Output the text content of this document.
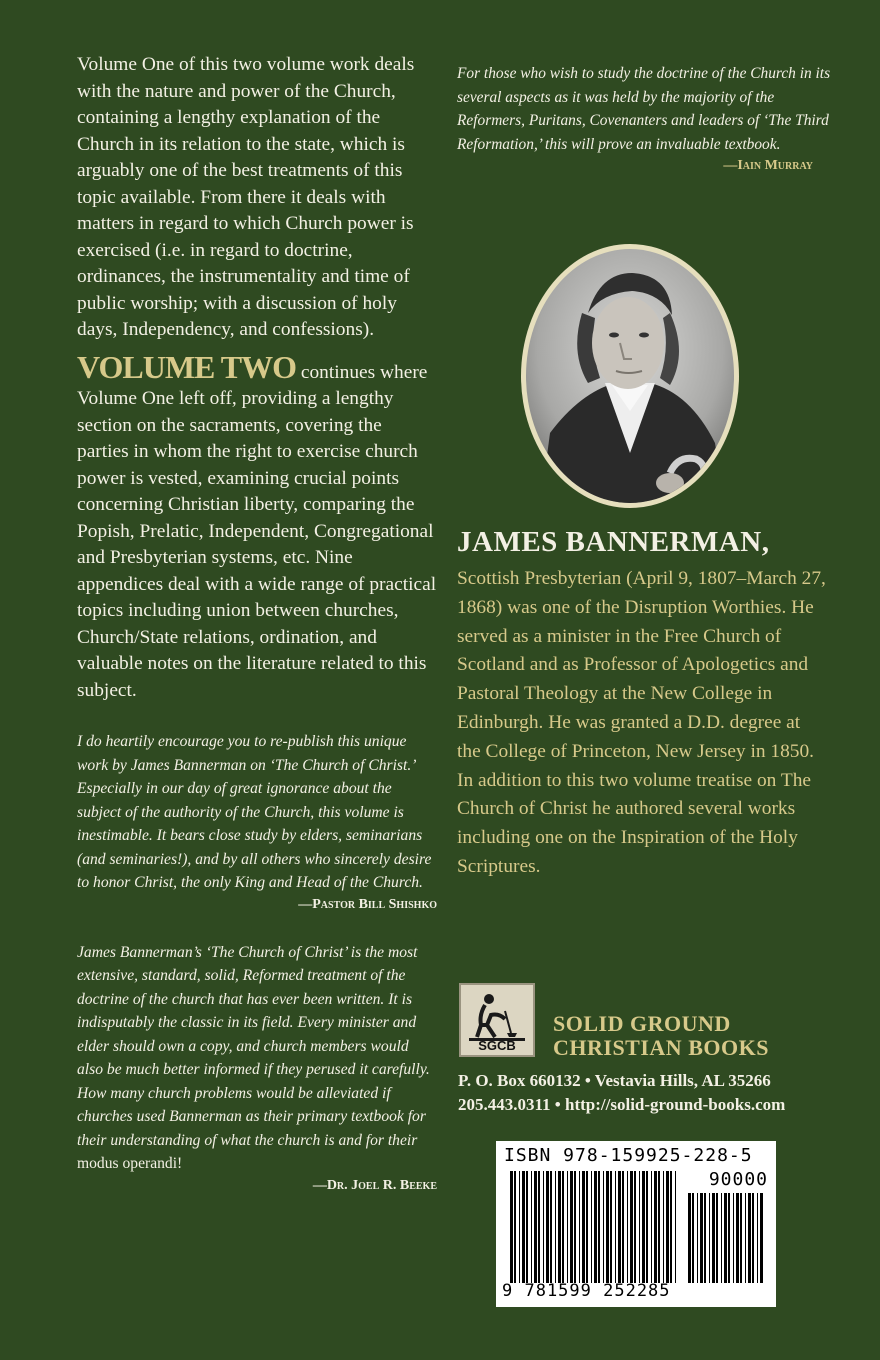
Volume One of this two volume work deals with the nature and power of the Church, containing a lengthy explanation of the Church in its relation to the state, which is arguably one of the best treatments of this topic available. From there it deals with matters in regard to which Church power is exercised (i.e. in regard to doctrine, ordinances, the instrumentality and time of public worship; with a discussion of holy days, Independency, and confessions).

VOLUME TWO continues where Volume One left off, providing a lengthy section on the sacraments, covering the parties in whom the right to exercise church power is vested, examining crucial points concerning Christian liberty, comparing the Popish, Prelatic, Independent, Congregational and Presbyterian systems, etc. Nine appendices deal with a wide range of practical topics including union between churches, Church/State relations, ordination, and valuable notes on the literature related to this subject.

I do heartily encourage you to re-publish this unique work by James Bannerman on ‘The Church of Christ.’ Especially in our day of great ignorance about the subject of the authority of the Church, this volume is inestimable. It bears close study by elders, seminarians (and seminaries!), and by all others who sincerely desire to honor Christ, the only King and Head of the Church.

—Pastor Bill Shishko

James Bannerman’s ‘The Church of Christ’ is the most extensive, standard, solid, Reformed treatment of the doctrine of the church that has ever been written. It is indisputably the classic in its field. Every minister and elder should own a copy, and church members would also be much better informed if they perused it carefully. How many church problems would be alleviated if churches used Bannerman as their primary textbook for their understanding of what the church is and for their modus operandi!

—Dr. Joel R. Beeke

For those who wish to study the doctrine of the Church in its several aspects as it was held by the majority of the Reformers, Puritans, Covenanters and leaders of ‘The Third Reformation,’ this will prove an invaluable textbook.

—Iain Murray
JAMES BANNERMAN,

Scottish Presbyterian (April 9, 1807–March 27, 1868) was one of the Disruption Worthies. He served as a minister in the Free Church of Scotland and as Professor of Apologetics and Pastoral Theology at the New College in Edinburgh. He was granted a D.D. degree at the College of Princeton, New Jersey in 1850. In addition to this two volume treatise on The Church of Christ he authored several works including one on the Inspiration of the Holy Scriptures.

SGCB
SOLID GROUND
CHRISTIAN BOOKS
P. O. Box 660132 • Vestavia Hills, AL 35266
205.443.0311 • http://solid-ground-books.com
ISBN 978-159925-228-5
90000
9 781599 252285
